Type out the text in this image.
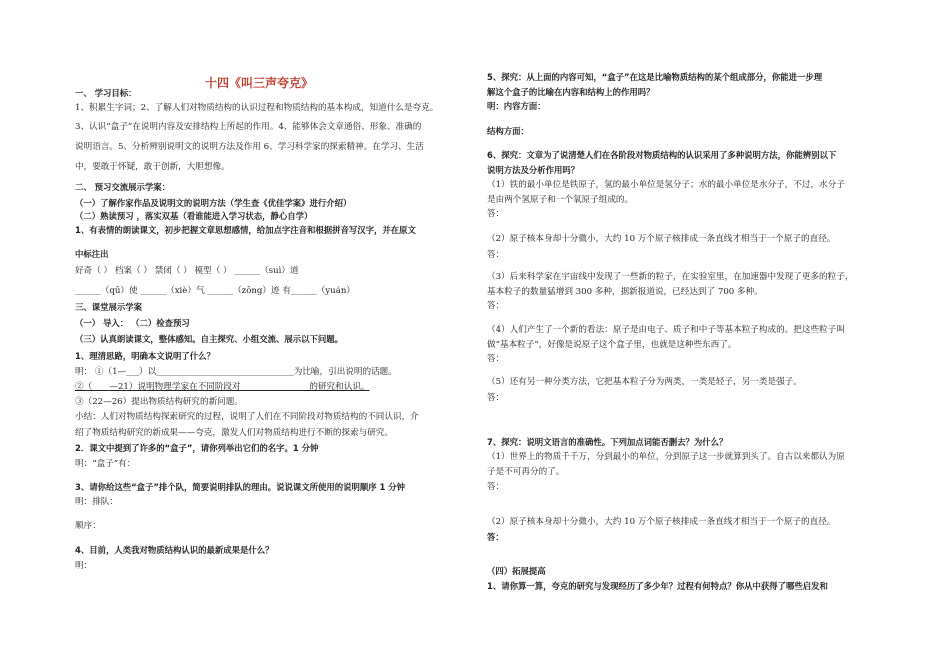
十四《叫三声夸克》
一、 学习目标：
1、积累生字词；2、了解人们对物质结构的认识过程和物质结构的基本构成，知道什么是夸克。
3、认识“盒子”在说明内容及安排结构上所起的作用。4、能够体会文章通俗、形象、准确的
说明语言。5、分析辨别说明文的说明方法及作用 6、学习科学家的探索精神。在学习、生活
中，要敢于怀疑，敢于创新，大胆想像。
二、 预习交流展示学案：
（一）了解作家作品及说明文的说明方法（学生查《优佳学案》进行介绍）
（二）熟读预习 ，落实双基（看谁能进入学习状态，静心自学）
1、有表情的朗读课文，初步把握文章思想感情，给加点字注音和根据拼音写汉字，并在原文
中标注出
好奇（ ） 档案（ ） 禁闭（ ） 模型（ ） ______（suì）道
______（qū）使 ______（xiè）气 ______（zōng）迹 有______（yuán）
三、课堂展示学案
（一） 导入： （二）检查预习
（三）认真朗读课文，整体感知。自主探究、小组交流、展示以下问题。
1、理清思路，明确本文说明了什么？
明： ①（1—___）以________________________________为比喻，引出说明的话题。
②（____—21）说明物理学家在不同阶段对________________的研究和认识。
③（22—26）提出物质结构研究的新问题。
小结：人们对物质结构探索研究的过程，说明了人们在不同阶段对物质结构的不同认识，介
绍了物质结构研究的新成果——夸克，激发人们对物质结构进行不断的探索与研究。
2．课文中提到了许多的“盒子”，请你列举出它们的名字。1 分钟
明：“盒子”有：
3、请你给这些“盒子”排个队，简要说明排队的理由。说说课文所使用的说明顺序 1 分钟
明：排队：
顺序：
4、目前，人类我对物质结构认识的最新成果是什么？
明：
5、探究：从上面的内容可知，“盒子”在这是比喻物质结构的某个组成部分，你能进一步理
解这个盒子的比喻在内容和结构上的作用吗？
明：内容方面：
结构方面：
6、探究：文章为了说清楚人们在各阶段对物质结构的认识采用了多种说明方法，你能辨别以下
说明方法及分析作用吗？
（1）铁的最小单位是铁原子，氢的最小单位是氢分子；水的最小单位是水分子，不过，水分子
是由两个氢原子和一个氧原子组成的。
答：
（2）原子核本身却十分微小，大约 10 万个原子核排成一条直线才相当于一个原子的直径。
答：
（3）后来科学家在宇宙线中发现了一些新的粒子，在实验室里，在加速器中发现了更多的粒子，
基本粒子的数量猛增到 300 多种，据新报道说，已经达到了 700 多种。
答：
（4）人们产生了一个新的看法：原子是由电子、质子和中子等基本粒子构成的。把这些粒子叫
做“基本粒子”，好像是说原子这个盒子里，也就是这种些东西了。
答：
（5）还有另一种分类方法，它把基本粒子分为两类，一类是轻子，另一类是强子。
答：
7、探究：说明文语言的准确性。下列加点词能否删去？为什么？
（1）世界上的物质千千万，分到最小的单位，分到原子这一步就算到头了。自古以来都认为原
子是不可再分的了。
答：
（2）原子核本身却十分微小，大约 10 万个原子核排成一条直线才相当于一个原子的直径。
答：
（四）拓展提高
1、请你算一算，夸克的研究与发现经历了多少年？过程有何特点？你从中获得了哪些启发和
